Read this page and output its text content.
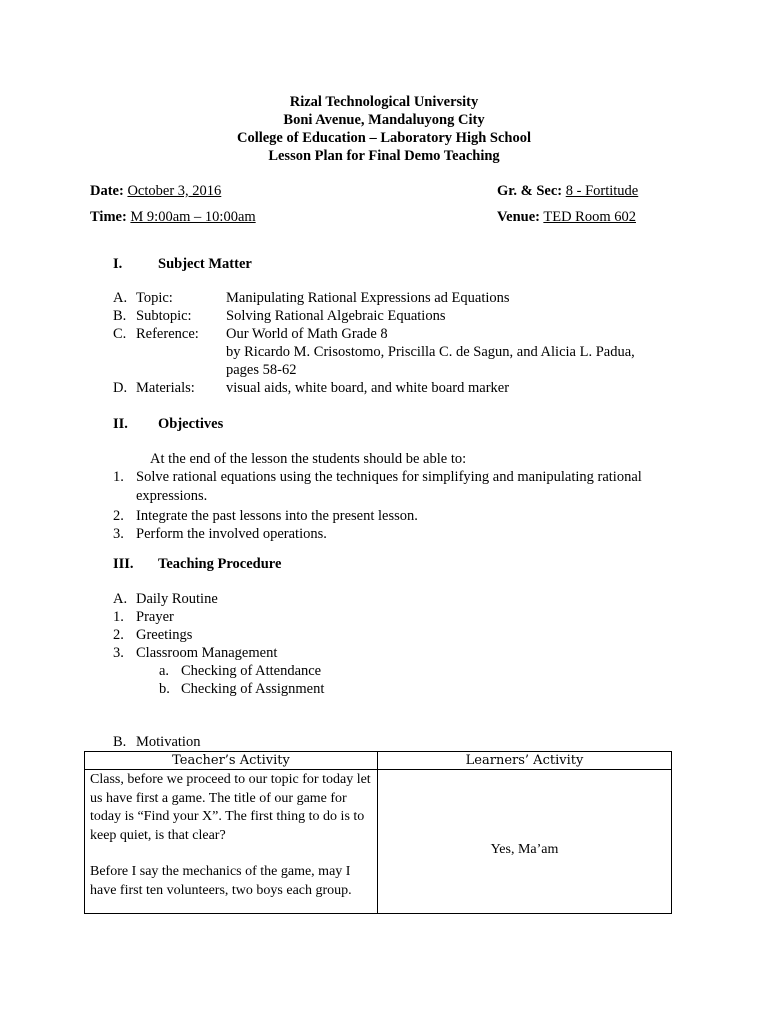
Rizal Technological University
Boni Avenue, Mandaluyong City
College of Education – Laboratory High School
Lesson Plan for Final Demo Teaching
Date: October 3, 2016	Gr. & Sec: 8 - Fortitude
Time: M 9:00am – 10:00am	Venue: TED Room 602
I. Subject Matter
A. Topic:	Manipulating Rational Expressions ad Equations
B. Subtopic: Solving Rational Algebraic Equations
C. Reference: Our World of Math Grade 8
by Ricardo M. Crisostomo, Priscilla C. de Sagun, and Alicia L. Padua,
pages 58-62
D. Materials: visual aids, white board, and white board marker
II. Objectives
At the end of the lesson the students should be able to:
1. Solve rational equations using the techniques for simplifying and manipulating rational
expressions.
2. Integrate the past lessons into the present lesson.
3. Perform the involved operations.
III. Teaching Procedure
A. Daily Routine
1. Prayer
2. Greetings
3. Classroom Management
a. Checking of Attendance
b. Checking of Assignment
B. Motivation
Teacher’s Activity	Learners’ Activity

Class, before we proceed to our topic for today let us have first a game. The title of our game for today is “Find your X”. The first thing to do is to keep quiet, is that clear?
Before I say the mechanics of the game, may I have first ten volunteers, two boys each group.	Yes, Ma’am
